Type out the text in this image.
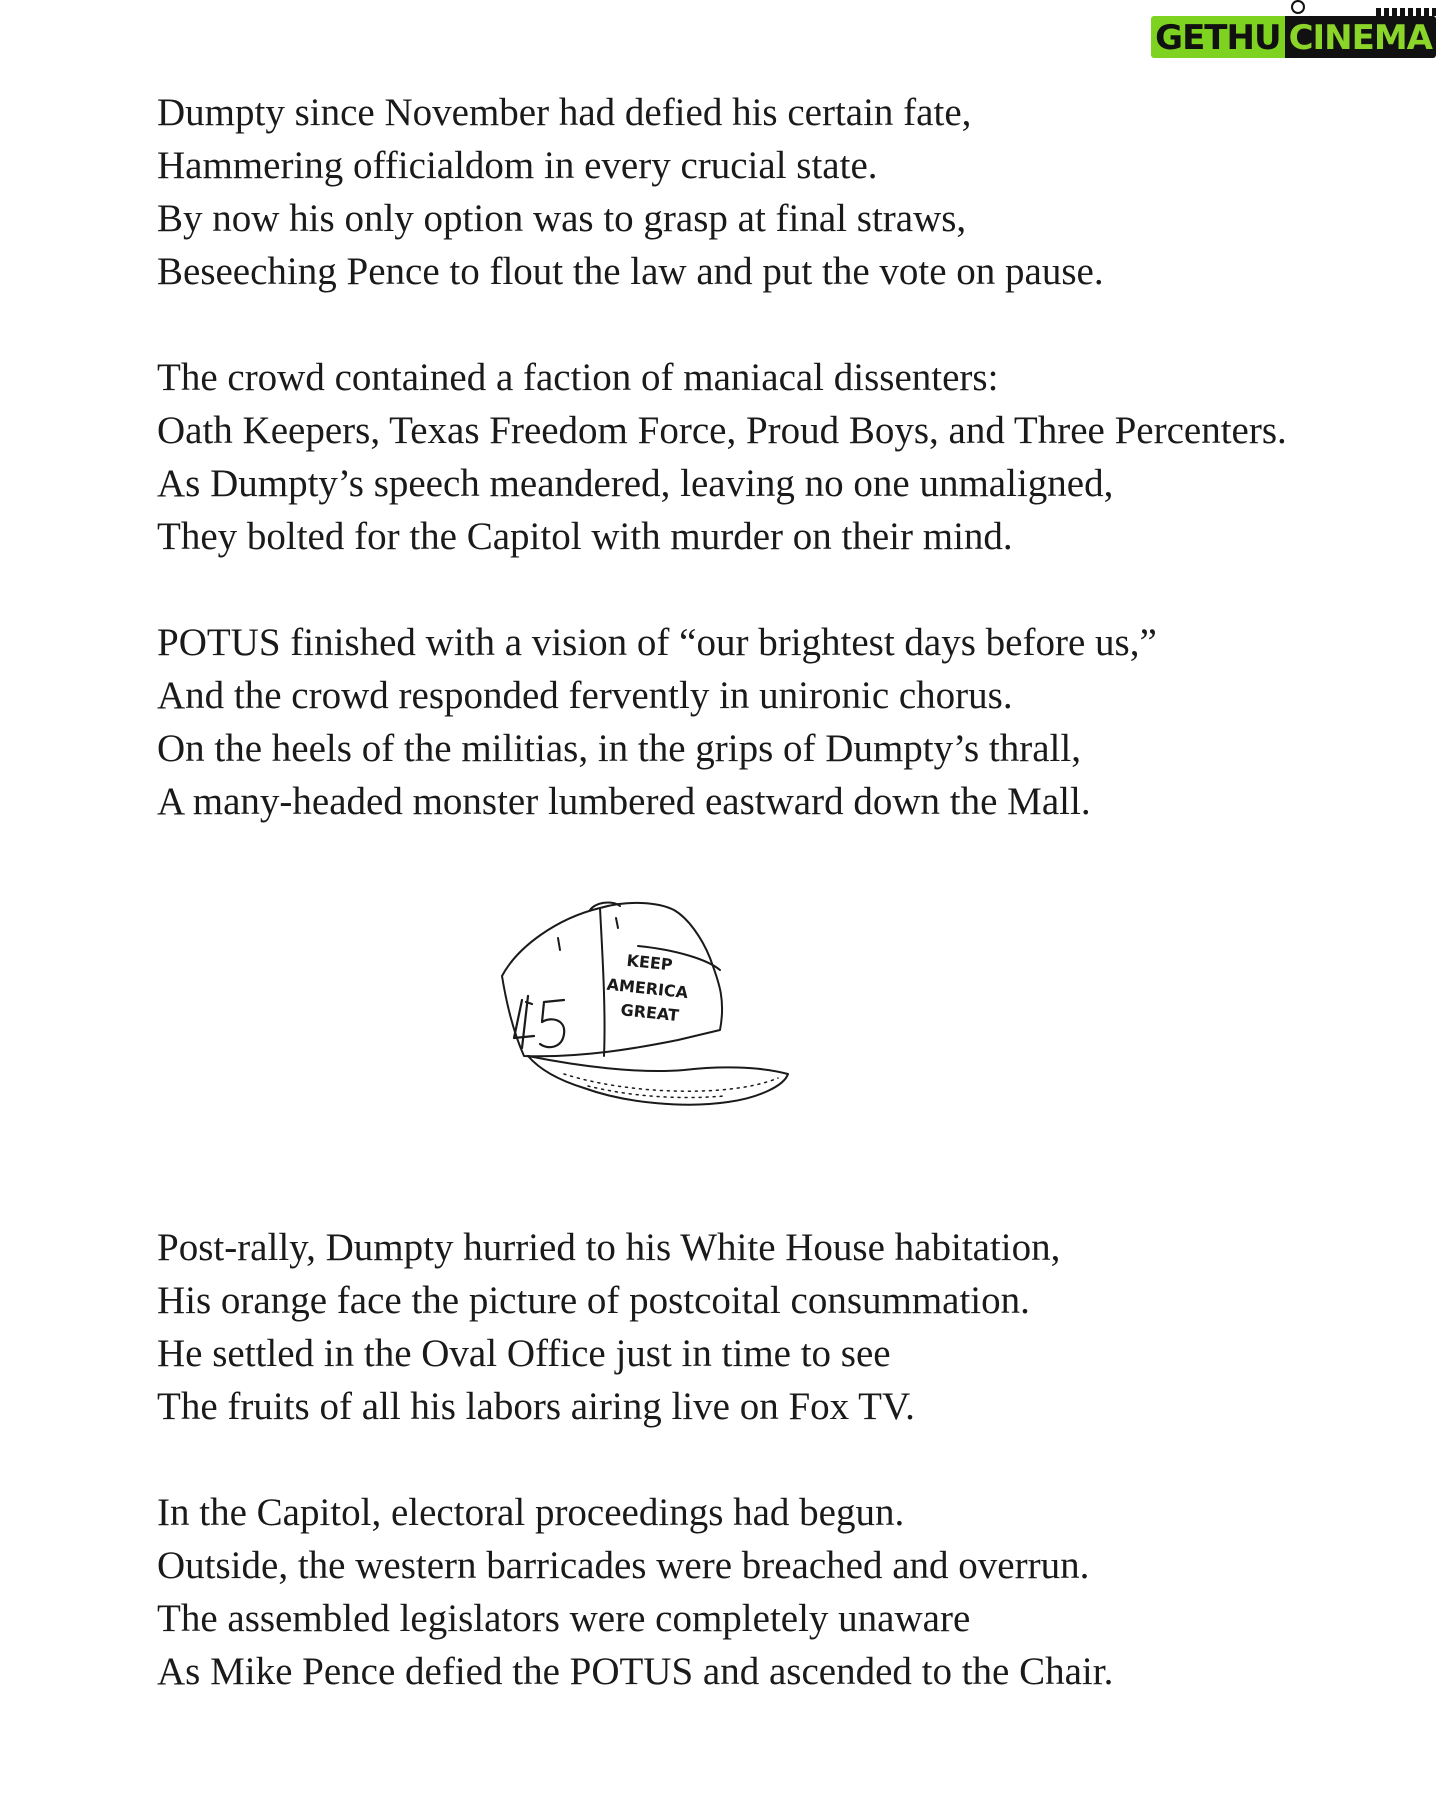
GETHU CINEMA
Dumpty since November had defied his certain fate,
Hammering officialdom in every crucial state.
By now his only option was to grasp at final straws,
Beseeching Pence to flout the law and put the vote on pause.
The crowd contained a faction of maniacal dissenters:
Oath Keepers, Texas Freedom Force, Proud Boys, and Three Percenters.
As Dumpty’s speech meandered, leaving no one unmaligned,
They bolted for the Capitol with murder on their mind.
POTUS finished with a vision of “our brightest days before us,”
And the crowd responded fervently in unironic chorus.
On the heels of the militias, in the grips of Dumpty’s thrall,
A many-headed monster lumbered eastward down the Mall.
KEEP
AMERICA
GREAT
Post-rally, Dumpty hurried to his White House habitation,
His orange face the picture of postcoital consummation.
He settled in the Oval Office just in time to see
The fruits of all his labors airing live on Fox TV.
In the Capitol, electoral proceedings had begun.
Outside, the western barricades were breached and overrun.
The assembled legislators were completely unaware
As Mike Pence defied the POTUS and ascended to the Chair.
